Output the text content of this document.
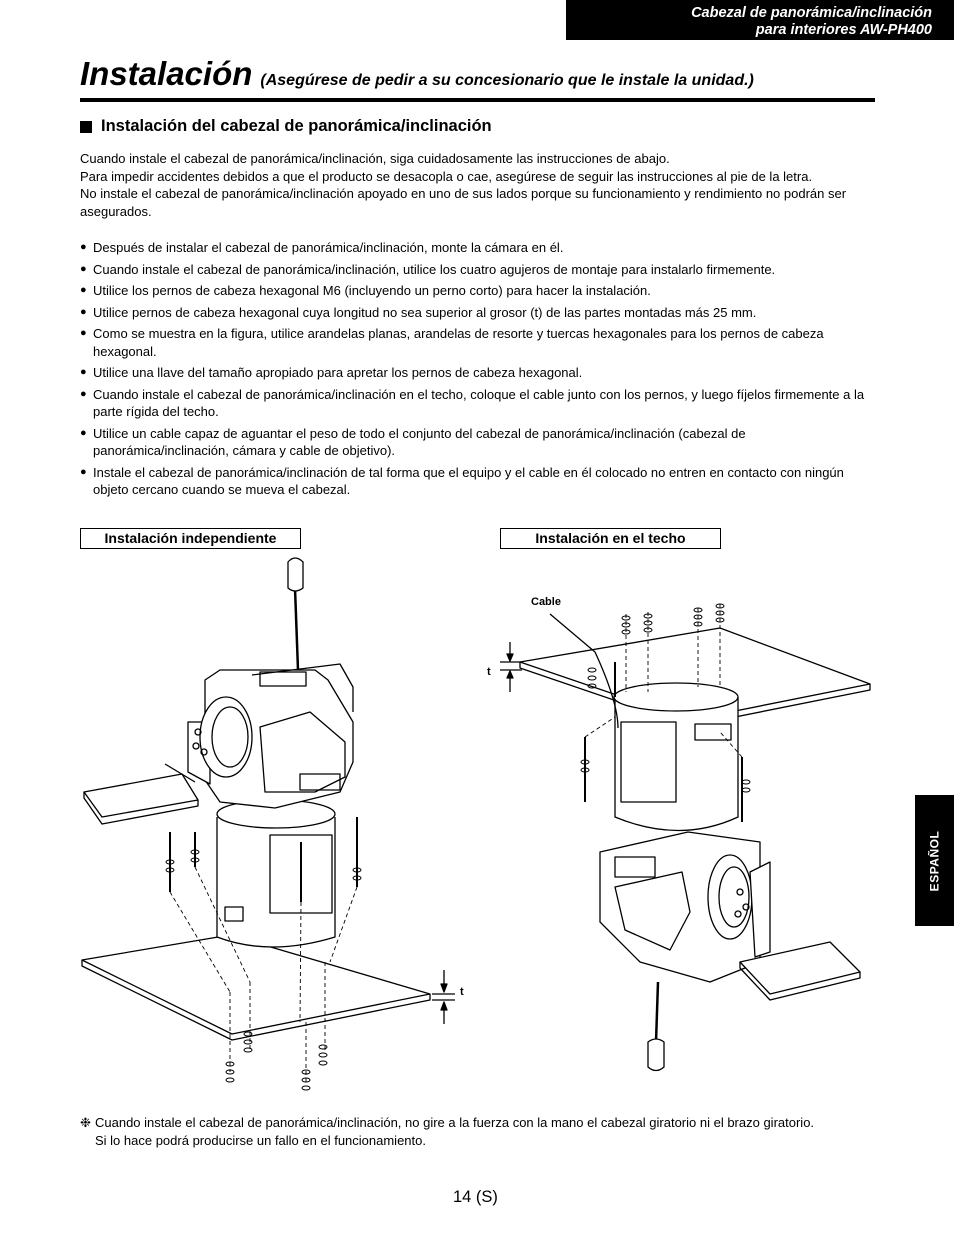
Cabezal de panorámica/inclinación
para interiores AW-PH400
Instalación (Asegúrese de pedir a su concesionario que le instale la unidad.)
Instalación del cabezal de panorámica/inclinación

Cuando instale el cabezal de panorámica/inclinación, siga cuidadosamente las instrucciones de abajo.

Para impedir accidentes debidos a que el producto se desacopla o cae, asegúrese de seguir las instrucciones al pie de la letra.

No instale el cabezal de panorámica/inclinación apoyado en uno de sus lados porque su funcionamiento y rendimiento no podrán ser asegurados.

● Después de instalar el cabezal de panorámica/inclinación, monte la cámara en él.
● Cuando instale el cabezal de panorámica/inclinación, utilice los cuatro agujeros de montaje para instalarlo firmemente.
● Utilice los pernos de cabeza hexagonal M6 (incluyendo un perno corto) para hacer la instalación.
● Utilice pernos de cabeza hexagonal cuya longitud no sea superior al grosor (t) de las partes montadas más 25 mm.
● Como se muestra en la figura, utilice arandelas planas, arandelas de resorte y tuercas hexagonales para los pernos de cabeza hexagonal.
● Utilice una llave del tamaño apropiado para apretar los pernos de cabeza hexagonal.
● Cuando instale el cabezal de panorámica/inclinación en el techo, coloque el cable junto con los pernos, y luego fíjelos firmemente a la parte rígida del techo.
● Utilice un cable capaz de aguantar el peso de todo el conjunto del cabezal de panorámica/inclinación (cabezal de panorámica/inclinación, cámara y cable de objetivo).
● Instale el cabezal de panorámica/inclinación de tal forma que el equipo y el cable en él colocado no entren en contacto con ningún objeto cercano cuando se mueva el cabezal.
Instalación independiente	Instalación en el techo
t
t
Cable
❉ Cuando instale el cabezal de panorámica/inclinación, no gire a la fuerza con la mano el cabezal giratorio ni el brazo giratorio.
Si lo hace podrá producirse un fallo en el funcionamiento.
14 (S)
ESPAÑOL
